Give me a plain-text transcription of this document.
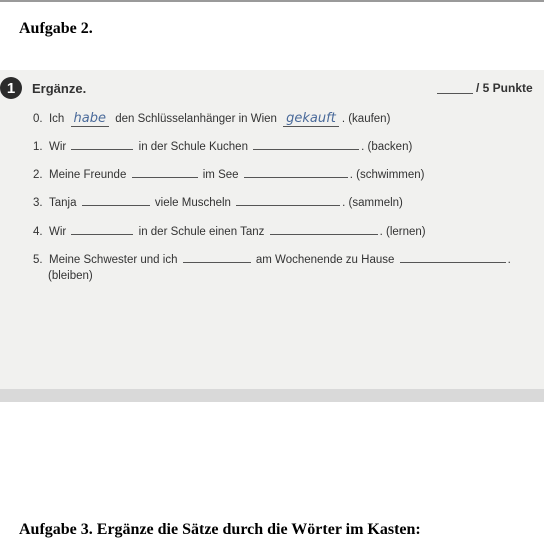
Aufgabe 2.
1	Ergänze.	/ 5 Punkte
0. Ich habe den Schlüsselanhänger in Wien gekauft . (kaufen)
1. Wir	in der Schule Kuchen	. (backen)
2. Meine Freunde	im See	. (schwimmen)
3. Tanja	viele Muscheln	. (sammeln)
4. Wir	in der Schule einen Tanz	. (lernen)
5. Meine Schwester und ich	am Wochenende zu Hause	.
(bleiben)
Aufgabe 3. Ergänze die Sätze durch die Wörter im Kasten:
